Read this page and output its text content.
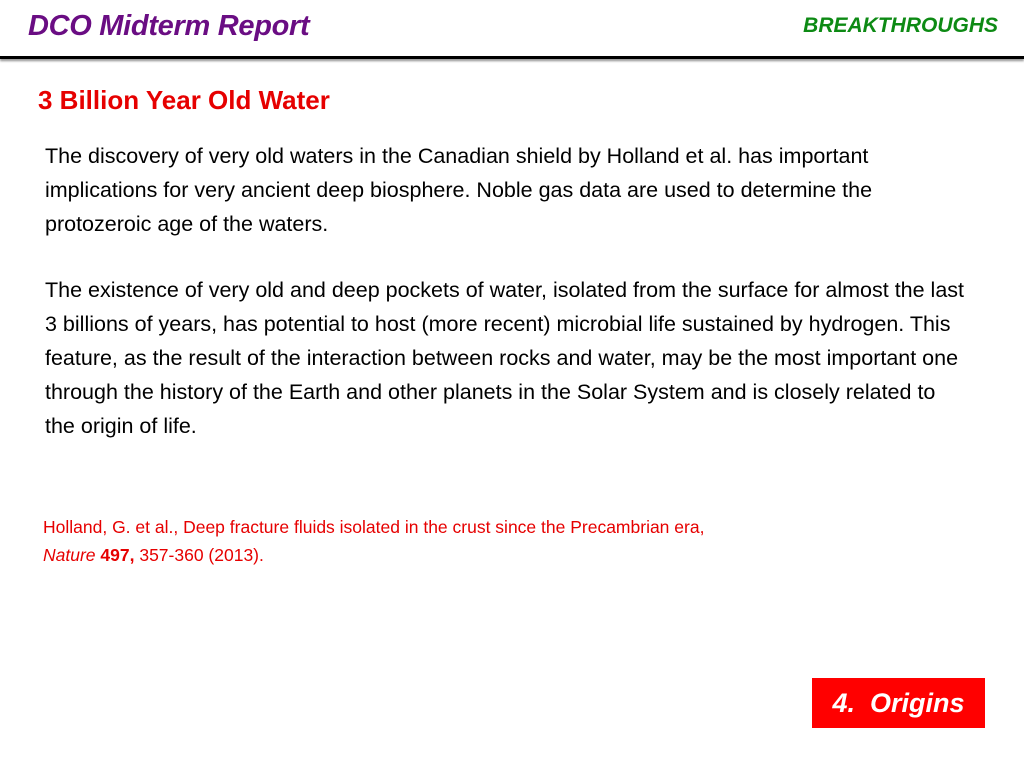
DCO Midterm Report	BREAKTHROUGHS
3 Billion Year Old Water

The discovery of very old waters in the Canadian shield by Holland et al. has important implications for very ancient deep biosphere. Noble gas data are used to determine the protozeroic age of the waters.

The existence of very old and deep pockets of water, isolated from the surface for almost the last 3 billions of years, has potential to host (more recent) microbial life sustained by hydrogen. This feature, as the result of the interaction between rocks and water, may be the most important one through the history of the Earth and other planets in the Solar System and is closely related to the origin of life.

Holland, G. et al., Deep fracture fluids isolated in the crust since the Precambrian era, Nature 497, 357-360 (2013).
4.  Origins
